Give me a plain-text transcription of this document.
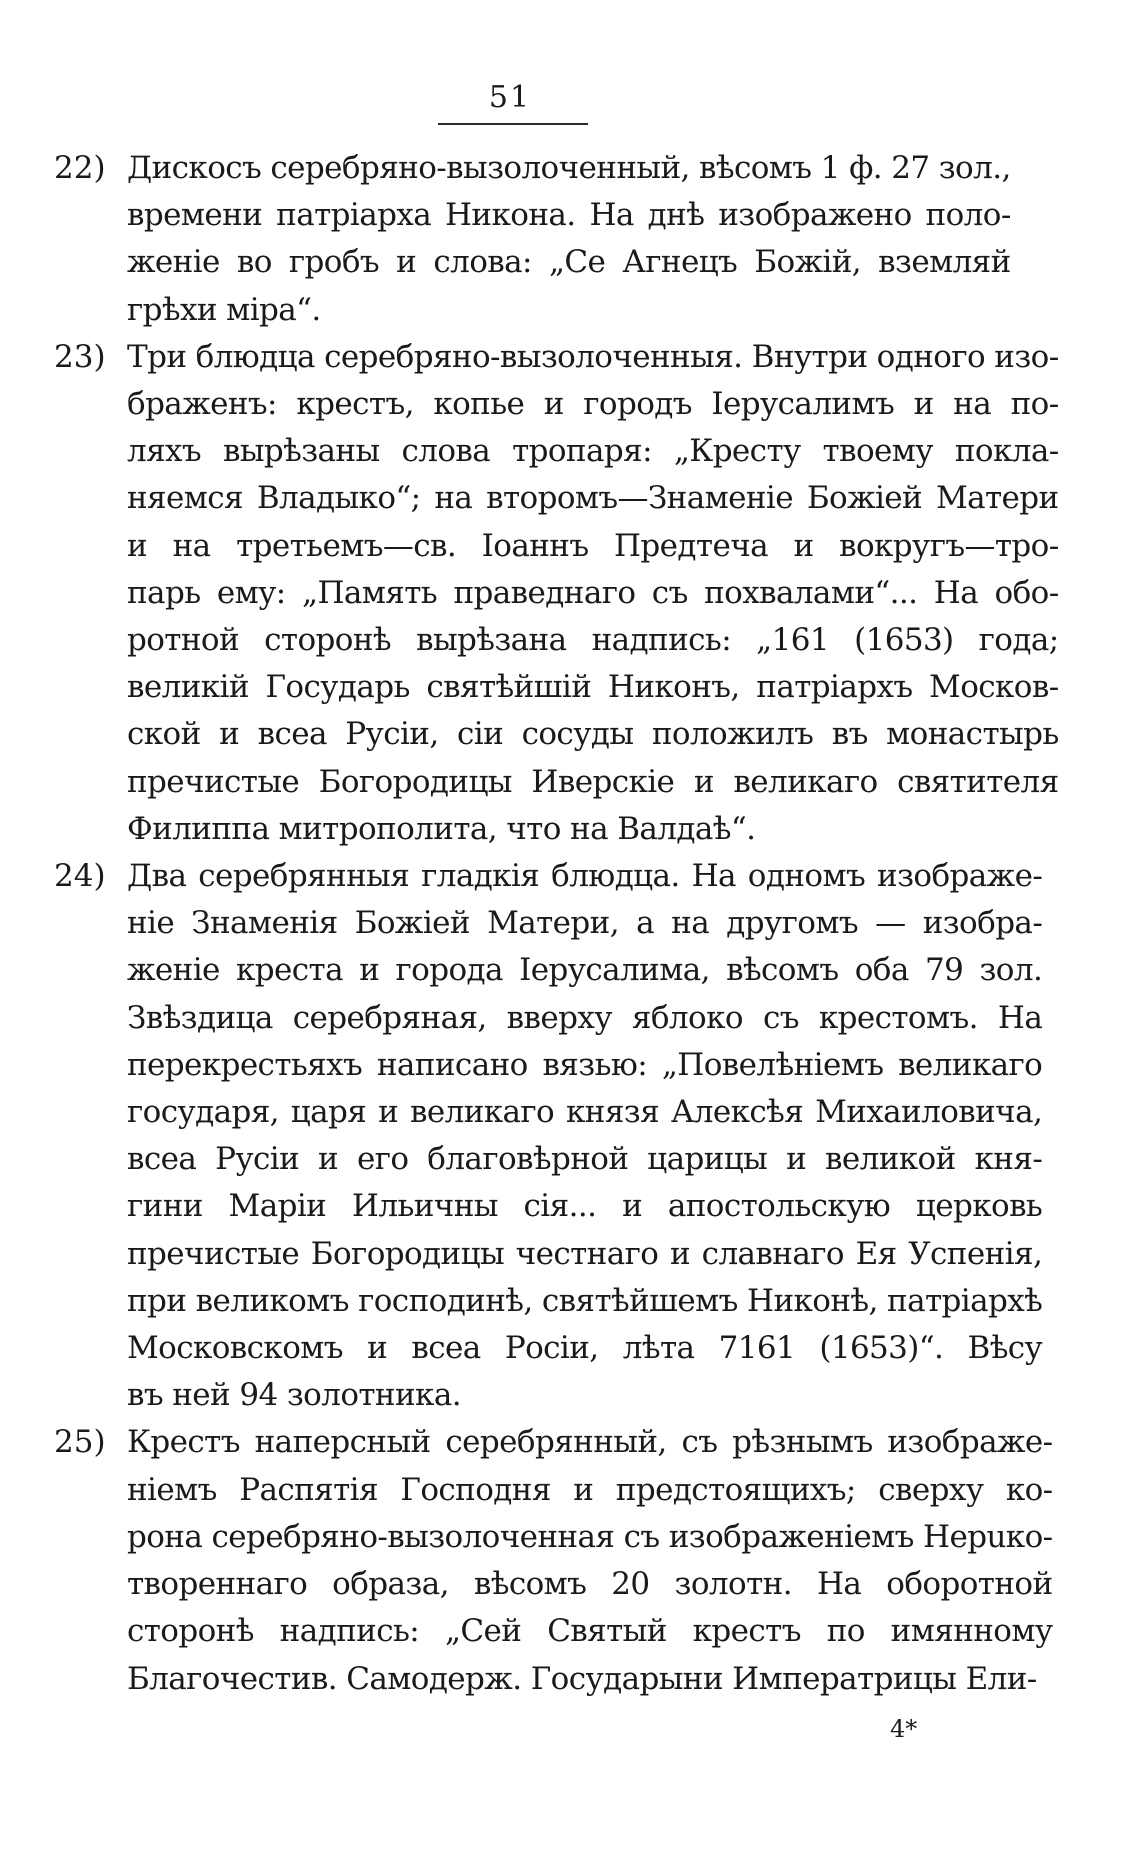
51
22) Дискосъ серебряно-вызолоченный, вѣсомъ 1 ф. 27 зол.,
времени патріарха Никона. На днѣ изображено поло-
женіе во гробъ и слова: „Се Агнецъ Божій, вземляй
грѣхи міра“.
23) Три блюдца серебряно-вызолоченныя. Внутри одного изо-
браженъ: крестъ, копье и городъ Іерусалимъ и на по-
ляхъ вырѣзаны слова тропаря: „Кресту твоему покла-
няемся Владыко“; на второмъ—Знаменіе Божіей Матери
и на третьемъ—св. Іоаннъ Предтеча и вокругъ—тро-
парь ему: „Память праведнаго съ похвалами“... На обо-
ротной сторонѣ вырѣзана надпись: „161 (1653) года;
великій Государь святѣйшій Никонъ, патріархъ Москов-
ской и всеа Русіи, сіи сосуды положилъ въ монастырь
пречистые Богородицы Иверскіе и великаго святителя
Филиппа митрополита, что на Валдаѣ“.
24) Два серебрянныя гладкія блюдца. На одномъ изображе-
ніе Знаменія Божіей Матери, а на другомъ — изобра-
женіе креста и города Іерусалима, вѣсомъ оба 79 зол.
Звѣздица серебряная, вверху яблоко съ крестомъ. На
перекрестьяхъ написано вязью: „Повелѣніемъ великаго
государя, царя и великаго князя Алексѣя Михаиловича,
всеа Русіи и его благовѣрной царицы и великой кня-
гини Маріи Ильичны сія... и апостольскую церковь
пречистые Богородицы честнаго и славнаго Ея Успенія,
при великомъ господинѣ, святѣйшемъ Никонѣ, патріархѣ
Московскомъ и всеа Росіи, лѣта 7161 (1653)“. Вѣсу
въ ней 94 золотника.
25) Крестъ наперсный серебрянный, съ рѣзнымъ изображе-
ніемъ Распятія Господня и предстоящихъ; сверху ко-
рона серебряно-вызолоченная съ изображеніемъ Нерuко-
твореннаго образа, вѣсомъ 20 золотн. На оборотной
сторонѣ надпись: „Сей Святый крестъ по имянному
Благочестив. Самодерж. Государыни Императрицы Ели-
4*
